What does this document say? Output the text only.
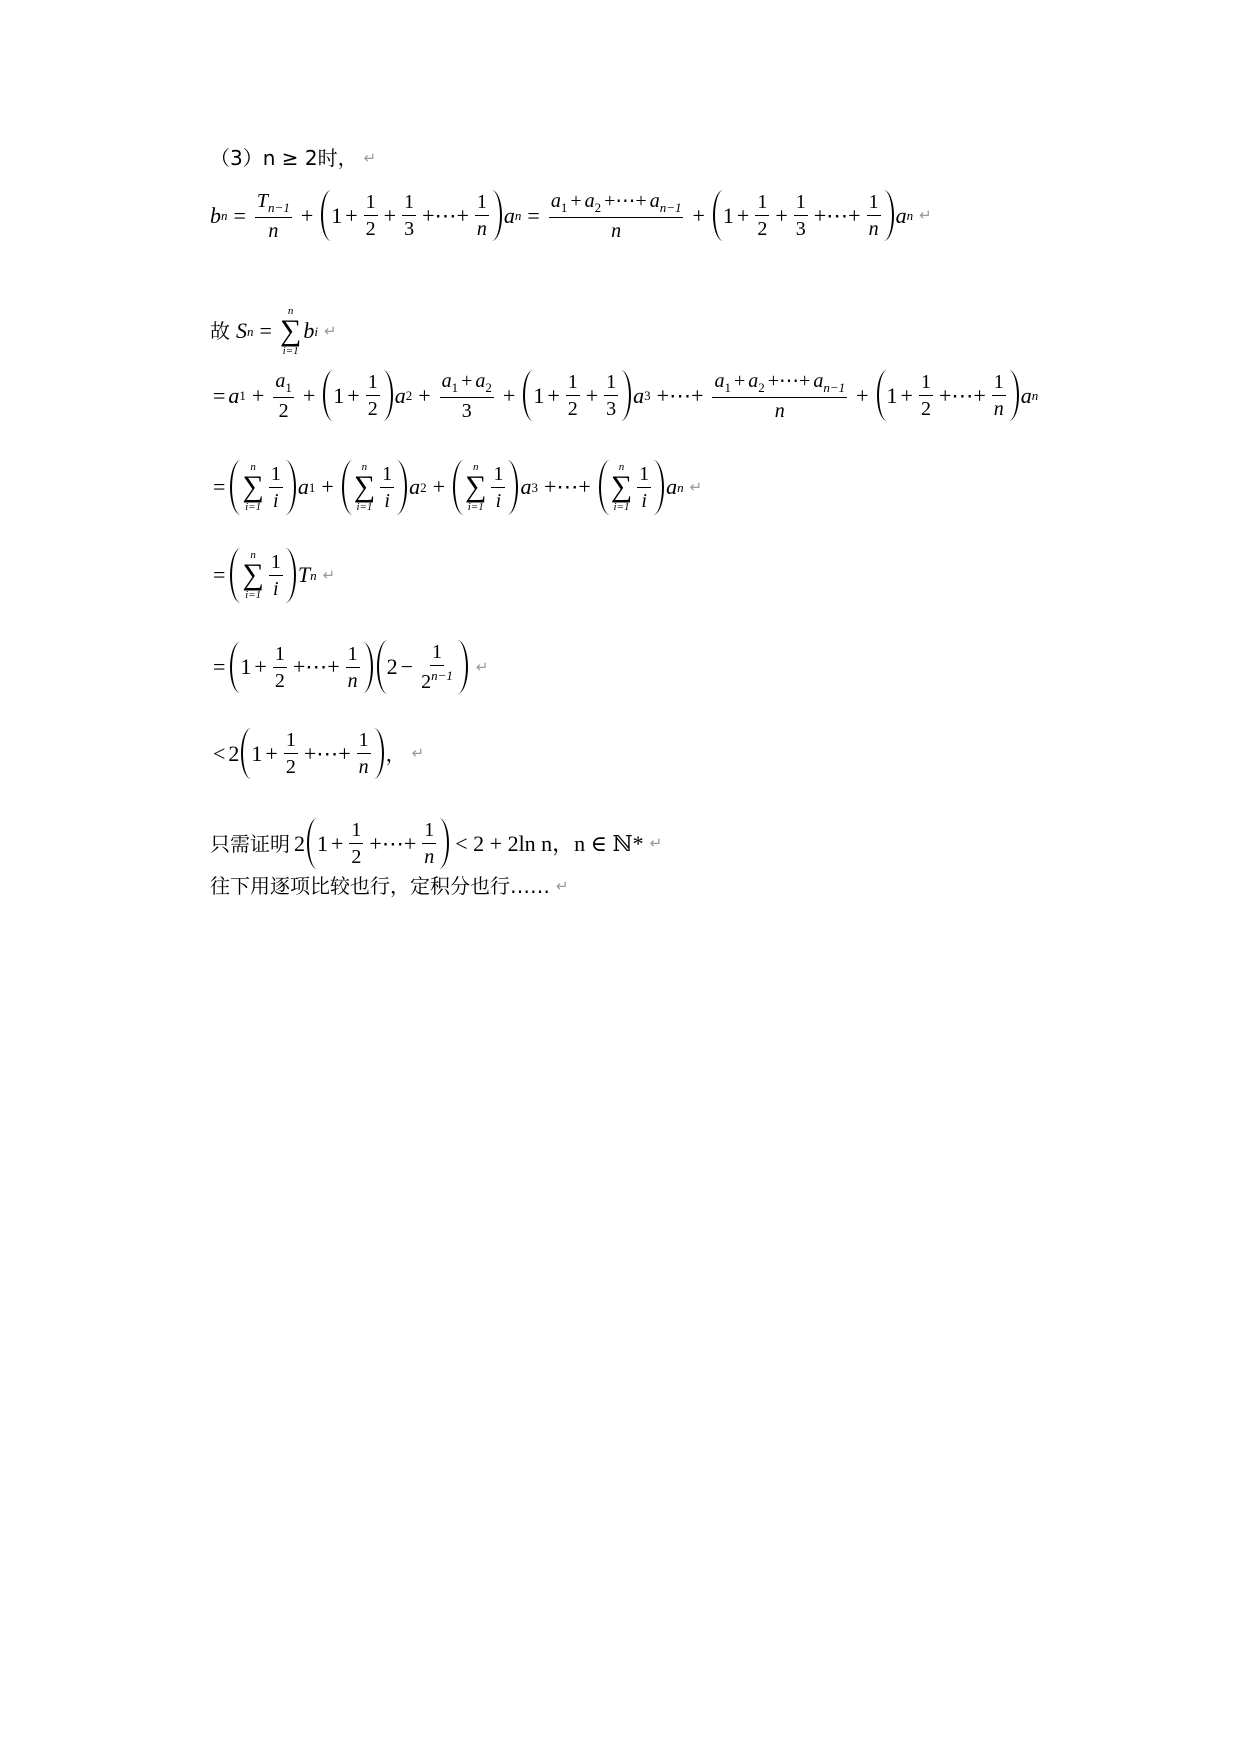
（3） n ≥ 2时， ↵
b $n = \frac{T_{n-1}}{n} + 1 + \frac{1}{2} + \frac{1}{3}$ +⋯+ $\frac{1}{n}$ a $n = \frac{a_1 + a_2 +\cdots+ a_{n-1}}{n} + 1 + \frac{1}{2} + \frac{1}{3}$ +⋯+ $\frac{1}{n}$ a n ↵
故 S n =
n
∑
i=1
b i ↵
= a $1 + \frac{a_1}{2} + 1 + \frac{1}{2}$ a $2 + \frac{a_1 + a_2}{3} + 1 + \frac{1}{2} + \frac{1}{3}$ a 3 +⋯+ $\frac{a_1 + a_2 +\cdots+ a_{n-1}}{n} + 1 + \frac{1}{2}$ +⋯+ $\frac{1}{n}$ a n
=
n
∑
$i=1 \frac{1}{i}$ a 1 +
n
∑
$i=1 \frac{1}{i}$ a 2 +
n
∑
$i=1 \frac{1}{i}$ a 3 +⋯+
n
∑
$i=1 \frac{1}{i}$ a n ↵
=
n
∑
$i=1 \frac{1}{i}$ T n ↵
= $1 + \frac{1}{2}$ +⋯+ $\frac{1}{n}$	$2 - \frac{1}{2^{n-1}}$ ↵
< 2 $1 + \frac{1}{2}$ +⋯+ $\frac{1}{n}$ ， ↵
只需证明 2 $1 + \frac{1}{2}$ +⋯+ $\frac{1}{n} < 2 + 2\ln$ n，n ∈ ℕ* ↵
往下用逐项比较也行，定积分也行…… ↵
